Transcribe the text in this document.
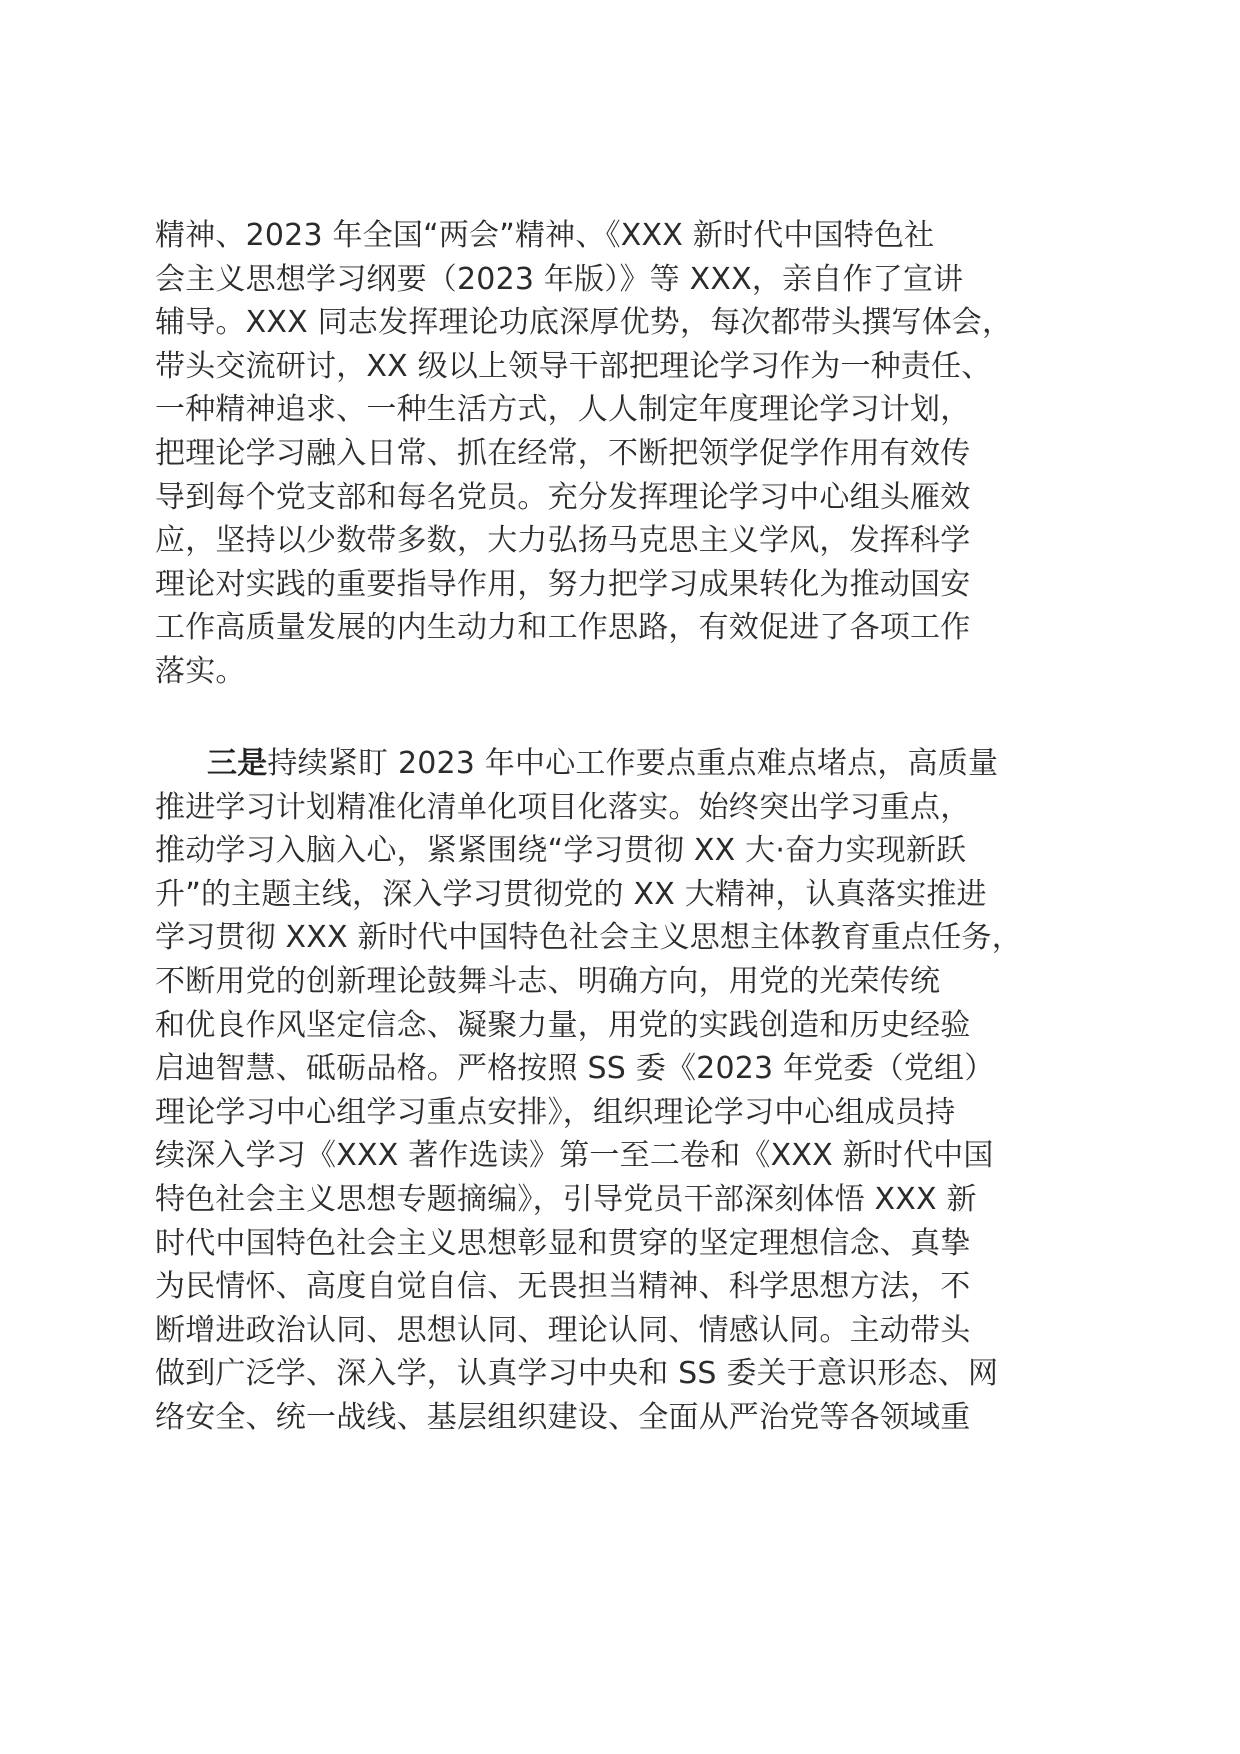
精神、2023 年全国“两会”精神、《XXX 新时代中国特色社
会主义思想学习纲要（2023 年版）》等 XXX，亲自作了宣讲
辅导。XXX 同志发挥理论功底深厚优势，每次都带头撰写体会，
带头交流研讨，XX 级以上领导干部把理论学习作为一种责任、
一种精神追求、一种生活方式，人人制定年度理论学习计划，
把理论学习融入日常、抓在经常，不断把领学促学作用有效传
导到每个党支部和每名党员。充分发挥理论学习中心组头雁效
应，坚持以少数带多数，大力弘扬马克思主义学风，发挥科学
理论对实践的重要指导作用，努力把学习成果转化为推动国安
工作高质量发展的内生动力和工作思路，有效促进了各项工作
落实。
三是持续紧盯 2023 年中心工作要点重点难点堵点，高质量
推进学习计划精准化清单化项目化落实。始终突出学习重点，
推动学习入脑入心，紧紧围绕“学习贯彻 XX 大·奋力实现新跃
升”的主题主线，深入学习贯彻党的 XX 大精神，认真落实推进
学习贯彻 XXX 新时代中国特色社会主义思想主体教育重点任务，
不断用党的创新理论鼓舞斗志、明确方向，用党的光荣传统
和优良作风坚定信念、凝聚力量，用党的实践创造和历史经验
启迪智慧、砥砺品格。严格按照 SS 委《2023 年党委（党组）
理论学习中心组学习重点安排》，组织理论学习中心组成员持
续深入学习《XXX 著作选读》第一至二卷和《XXX 新时代中国
特色社会主义思想专题摘编》，引导党员干部深刻体悟 XXX 新
时代中国特色社会主义思想彰显和贯穿的坚定理想信念、真挚
为民情怀、高度自觉自信、无畏担当精神、科学思想方法，不
断增进政治认同、思想认同、理论认同、情感认同。主动带头
做到广泛学、深入学，认真学习中央和 SS 委关于意识形态、网
络安全、统一战线、基层组织建设、全面从严治党等各领域重
